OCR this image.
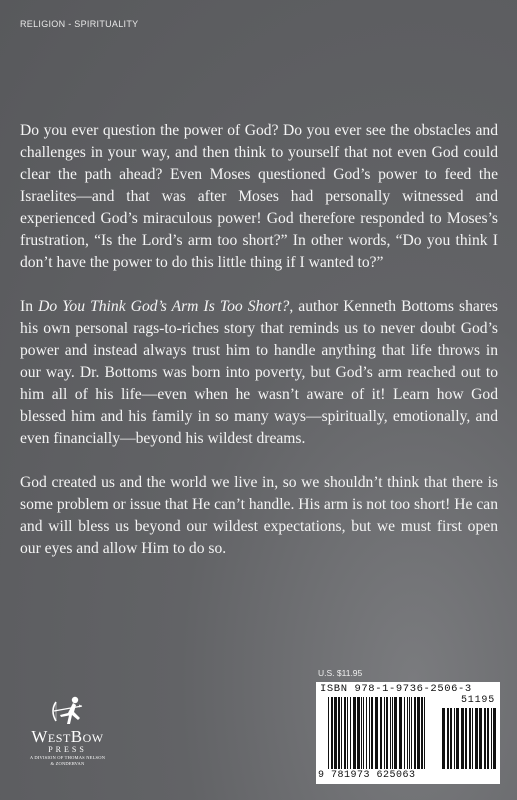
RELIGION - SPIRITUALITY

Do you ever question the power of God? Do you ever see the obstacles and challenges in your way, and then think to yourself that not even God could clear the path ahead? Even Moses questioned God’s power to feed the Israelites—and that was after Moses had personally witnessed and experienced God’s miraculous power! God therefore responded to Moses’s frustration, “Is the Lord’s arm too short?” In other words, “Do you think I don’t have the power to do this little thing if I wanted to?”

In Do You Think God’s Arm Is Too Short?, author Kenneth Bottoms shares his own personal rags-to-riches story that reminds us to never doubt God’s power and instead always trust him to handle anything that life throws in our way. Dr. Bottoms was born into poverty, but God’s arm reached out to him all of his life—even when he wasn’t aware of it! Learn how God blessed him and his family in so many ways—spiritually, emotionally, and even financially—beyond his wildest dreams.

God created us and the world we live in, so we shouldn’t think that there is some problem or issue that He can’t handle. His arm is not too short! He can and will bless us beyond our wildest expectations, but we must first open our eyes and allow Him to do so.

U.S. $11.95
ISBN 978-1-9736-2506-3
51195
9 781973 625063
WestBow
PRESS
A DIVISION OF THOMAS NELSON
& ZONDERVAN
